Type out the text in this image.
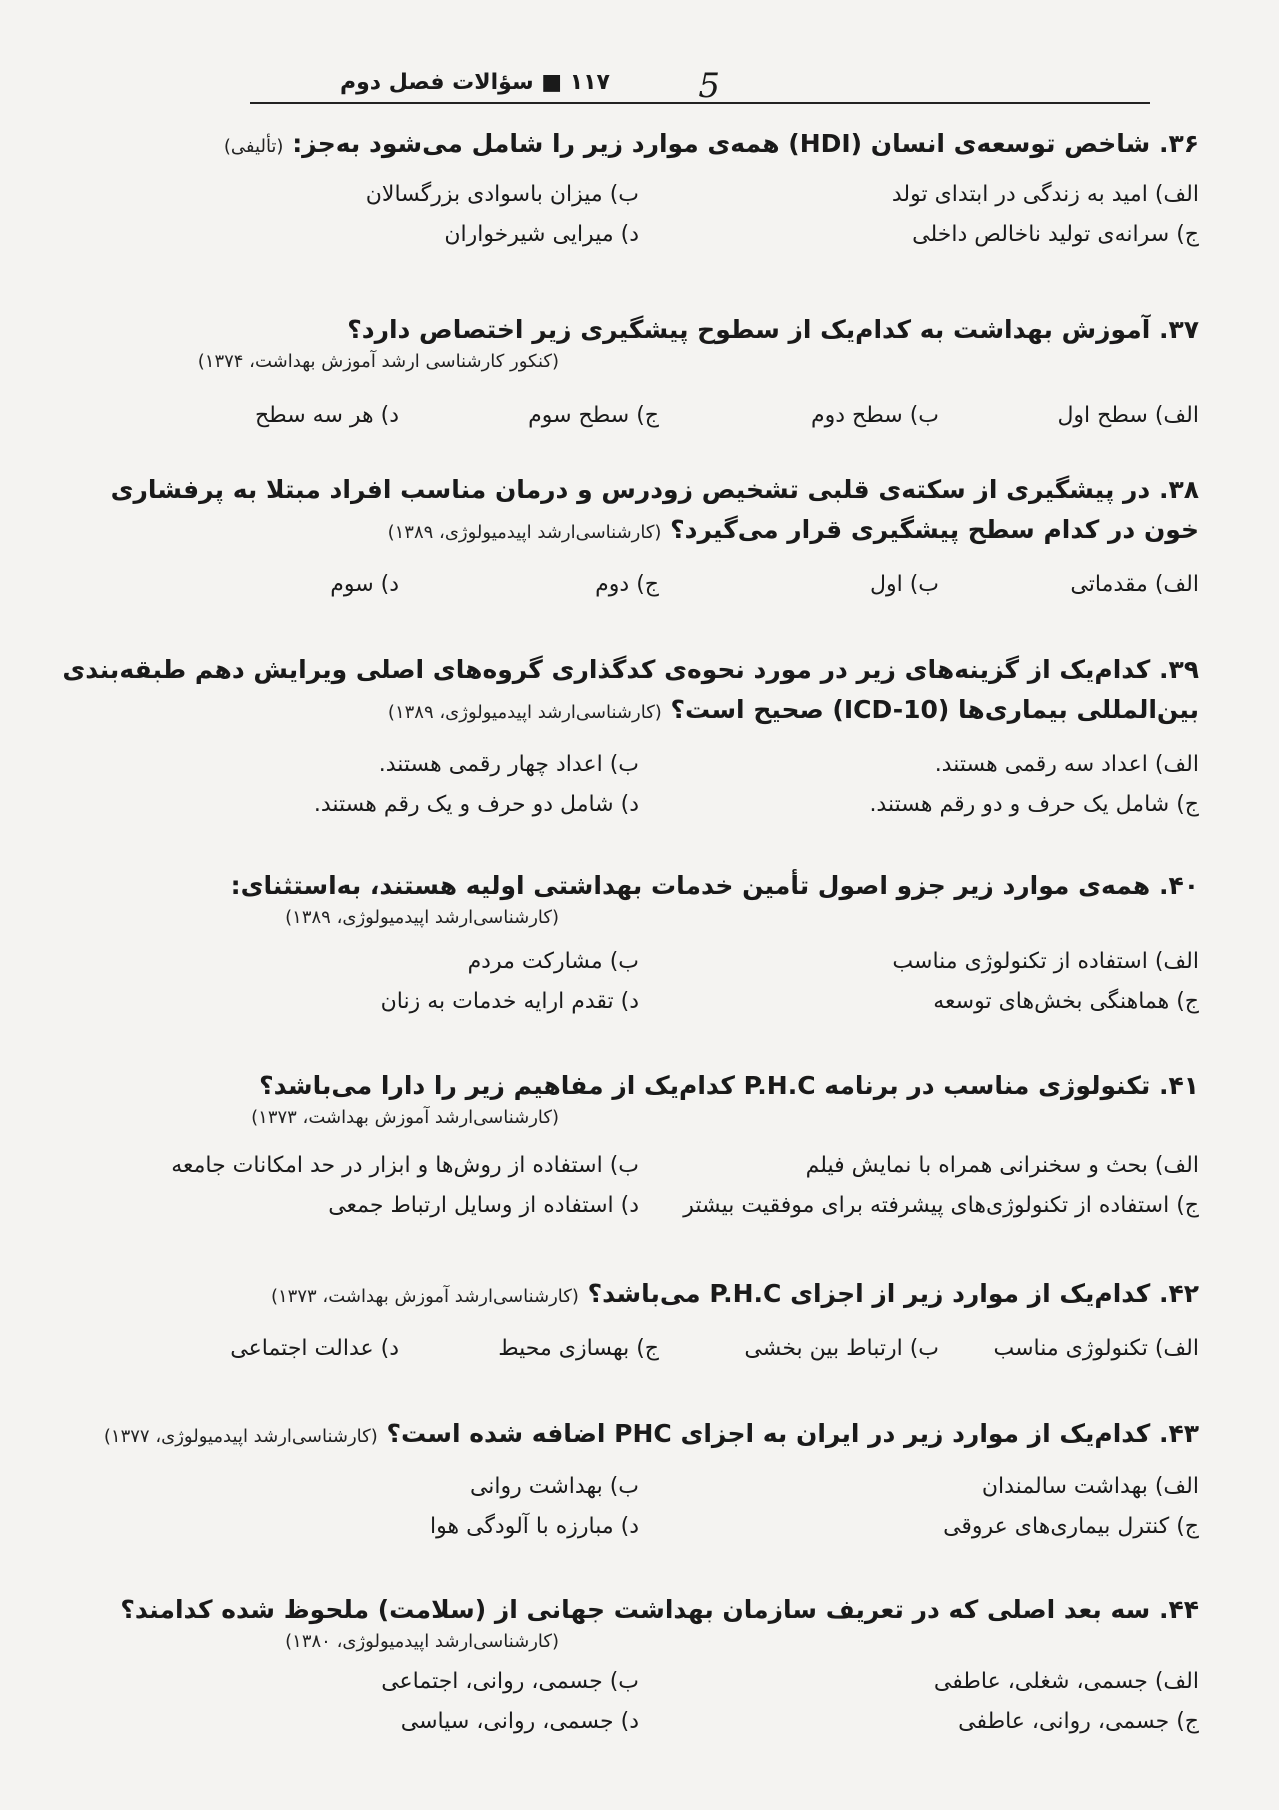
۱۱۷ ■ سؤالات فصل دوم	5

۳۶. شاخص توسعه‌ی انسان (HDI) همه‌ی موارد زیر را شامل می‌شود به‌جز: (تألیفی)

الف) امید به زندگی در ابتدای تولد
ب) میزان باسوادی بزرگسالان
ج) سرانه‌ی تولید ناخالص داخلی
د) میرایی شیرخواران

۳۷. آموزش بهداشت به کدام‌یک از سطوح پیشگیری زیر اختصاص دارد؟

(کنکور کارشناسی ارشد آموزش بهداشت، ۱۳۷۴)

الف) سطح اول
ب) سطح دوم
ج) سطح سوم
د) هر سه سطح

۳۸. در پیشگیری از سکته‌ی قلبی تشخیص زودرس و درمان مناسب افراد مبتلا به پرفشاری خون در کدام سطح پیشگیری قرار می‌گیرد؟ (کارشناسی‌ارشد اپیدمیولوژی، ۱۳۸۹)

الف) مقدماتی
ب) اول
ج) دوم
د) سوم

۳۹. کدام‌یک از گزینه‌های زیر در مورد نحوه‌ی کدگذاری گروه‌های اصلی ویرایش دهم طبقه‌بندی بین‌المللی بیماری‌ها (ICD-10) صحیح است؟ (کارشناسی‌ارشد اپیدمیولوژی، ۱۳۸۹)

الف) اعداد سه رقمی هستند.
ب) اعداد چهار رقمی هستند.
ج) شامل یک حرف و دو رقم هستند.
د) شامل دو حرف و یک رقم هستند.

۴۰. همه‌ی موارد زیر جزو اصول تأمین خدمات بهداشتی اولیه هستند، به‌استثنای:

(کارشناسی‌ارشد اپیدمیولوژی، ۱۳۸۹)

الف) استفاده از تکنولوژی مناسب
ب) مشارکت مردم
ج) هماهنگی بخش‌های توسعه
د) تقدم ارایه خدمات به زنان

۴۱. تکنولوژی مناسب در برنامه P.H.C کدام‌یک از مفاهیم زیر را دارا می‌باشد؟

(کارشناسی‌ارشد آموزش بهداشت، ۱۳۷۳)

الف) بحث و سخنرانی همراه با نمایش فیلم
ب) استفاده از روش‌ها و ابزار در حد امکانات جامعه
ج) استفاده از تکنولوژی‌های پیشرفته برای موفقیت بیشتر
د) استفاده از وسایل ارتباط جمعی

۴۲. کدام‌یک از موارد زیر از اجزای P.H.C می‌باشد؟ (کارشناسی‌ارشد آموزش بهداشت، ۱۳۷۳)

الف) تکنولوژی مناسب
ب) ارتباط بین بخشی
ج) بهسازی محیط
د) عدالت اجتماعی

۴۳. کدام‌یک از موارد زیر در ایران به اجزای PHC اضافه شده است؟ (کارشناسی‌ارشد اپیدمیولوژی، ۱۳۷۷)

الف) بهداشت سالمندان
ب) بهداشت روانی
ج) کنترل بیماری‌های عروقی
د) مبارزه با آلودگی هوا

۴۴. سه بعد اصلی که در تعریف سازمان بهداشت جهانی از (سلامت) ملحوظ شده کدامند؟

(کارشناسی‌ارشد اپیدمیولوژی، ۱۳۸۰)

الف) جسمی، شغلی، عاطفی
ب) جسمی، روانی، اجتماعی
ج) جسمی، روانی، عاطفی
د) جسمی، روانی، سیاسی
